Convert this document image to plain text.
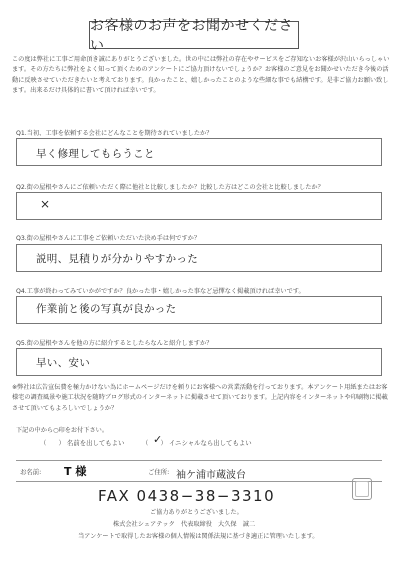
お客様のお声をお聞かせください

この度は弊社に工事ご用命頂き誠にありがとうございました。世の中には弊社の存在やサービスをご存知ないお客様が沢山いらっしゃいます。その方たちに弊社をよく知って頂くためのアンケートにご協力頂けないでしょうか？お客様のご意見をお聞かせいただき今後の活動に反映させていただきたいと考えております。良かったこと、嬉しかったことのような些細な事でも結構です。是非ご協力お願い致します。出来るだけ具体的に書いて頂ければ幸いです。

Q1.当初、工事を依頼する会社にどんなことを期待されていましたか？
早く修理してもらうこと
Q2.街の屋根やさんにご依頼いただく際に他社と比較しましたか？比較した方はどこの会社と比較しましたか？
×
Q3.街の屋根やさんに工事をご依頼いただいた決め手は何ですか？
説明、見積りが分かりやすかった
Q4.工事が終わってみていかがですか？良かった事・嬉しかった事など忌憚なく掲載頂ければ幸いです。
作業前と後の写真が良かった
Q5.街の屋根やさんを他の方に紹介するとしたらなんと紹介しますか？
早い、安い

※弊社は広告宣伝費を極力かけない為にホームページだけを頼りにお客様への営業活動を行っております。本アンケート用紙またはお客様宅の調査風景や施工状況を随時ブログ形式のインターネットに掲載させて頂いております。上記内容をインターネットや印刷物に掲載させて頂いてもよろしいでしょうか？

下記の中から○印をお付下さい。
（ ） 名前を出してもよい	（ ） イニシャルなら出してもよい
✓
お名前: T 様	ご住所: 袖ケ浦市蔵波台
FAX 0438−38−3310
ご協力ありがとうございました。
株式会社シェアテック　代表取締役　大久保　誠二
当アンケートで取得したお客様の個人情報は関係法規に基づき適正に管理いたします。
